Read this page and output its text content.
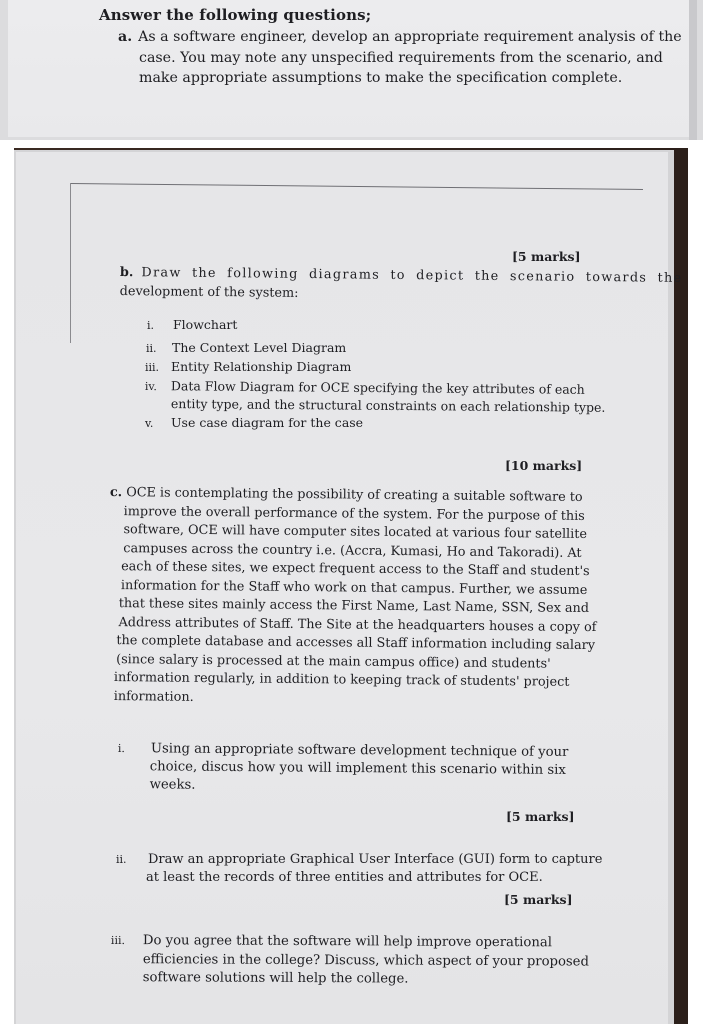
Answer the following questions;
a. As a software engineer, develop an appropriate requirement analysis of the
case. You may note any unspecified requirements from the scenario, and
make appropriate assumptions to make the specification complete.
[5 marks]
b. Draw the following diagrams to depict the scenario towards the
development of the system:
i. Flowchart
ii. The Context Level Diagram
iii. Entity Relationship Diagram
iv. Data Flow Diagram for OCE specifying the key attributes of each
entity type, and the structural constraints on each relationship type.
v. Use case diagram for the case
[10 marks]
c. OCE is contemplating the possibility of creating a suitable software to
improve the overall performance of the system. For the purpose of this
software, OCE will have computer sites located at various four satellite
campuses across the country i.e. (Accra, Kumasi, Ho and Takoradi). At
each of these sites, we expect frequent access to the Staff and student's
information for the Staff who work on that campus. Further, we assume
that these sites mainly access the First Name, Last Name, SSN, Sex and
Address attributes of Staff. The Site at the headquarters houses a copy of
the complete database and accesses all Staff information including salary
(since salary is processed at the main campus office) and students'
information regularly, in addition to keeping track of students' project
information.
i. Using an appropriate software development technique of your
choice, discus how you will implement this scenario within six
weeks.
[5 marks]
ii. Draw an appropriate Graphical User Interface (GUI) form to capture
at least the records of three entities and attributes for OCE.
[5 marks]
iii. Do you agree that the software will help improve operational
efficiencies in the college? Discuss, which aspect of your proposed
software solutions will help the college.
